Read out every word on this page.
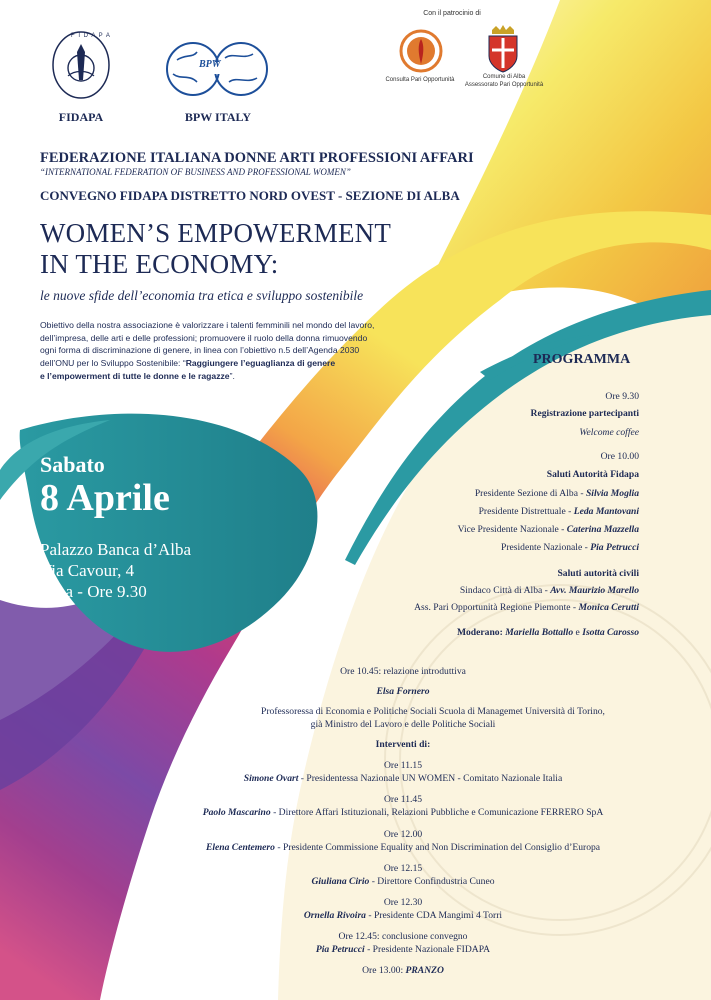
F I D A P A
FIDAPA
BPW
BPW ITALY
Con il patrocinio di
Consulta Pari Opportunità	Comune di Alba
Assessorato Pari Opportunità
FEDERAZIONE ITALIANA DONNE ARTI PROFESSIONI AFFARI
“INTERNATIONAL FEDERATION OF BUSINESS AND PROFESSIONAL WOMEN”
CONVEGNO FIDAPA DISTRETTO NORD OVEST - SEZIONE DI ALBA
WOMEN’S EMPOWERMENT
IN THE ECONOMY:
le nuove sfide dell’economia tra etica e sviluppo sostenibile
Obiettivo della nostra associazione è valorizzare i talenti femminili nel mondo del lavoro,
dell’impresa, delle arti e delle professioni; promuovere il ruolo della donna rimuovendo
ogni forma di discriminazione di genere, in linea con l’obiettivo n.5 dell’Agenda 2030
dell’ONU per lo Sviluppo Sostenibile: “Raggiungere l’eguaglianza di genere
e l’empowerment di tutte le donne e le ragazze”.
Sabato
8 Aprile
Palazzo Banca d’Alba
Via Cavour, 4
Alba - Ore 9.30
PROGRAMMA
Ore 9.30
Registrazione partecipanti
Welcome coffee
Ore 10.00
Saluti Autorità Fidapa
Presidente Sezione di Alba - Silvia Moglia
Presidente Distrettuale - Leda Mantovani
Vice Presidente Nazionale - Caterina Mazzella
Presidente Nazionale - Pia Petrucci
Saluti autorità civili
Sindaco Città di Alba - Avv. Maurizio Marello
Ass. Pari Opportunità Regione Piemonte - Monica Cerutti
Moderano: Mariella Bottallo e Isotta Carosso
Ore 10.45: relazione introduttiva
Elsa Fornero
Professoressa di Economia e Politiche Sociali Scuola di Managemet Università di Torino,
già Ministro del Lavoro e delle Politiche Sociali
Interventi di:
Ore 11.15
Simone Ovart - Presidentessa Nazionale UN WOMEN - Comitato Nazionale Italia
Ore 11.45
Paolo Mascarino - Direttore Affari Istituzionali, Relazioni Pubbliche e Comunicazione FERRERO SpA
Ore 12.00
Elena Centemero - Presidente Commissione Equality and Non Discrimination del Consiglio d’Europa
Ore 12.15
Giuliana Cirio - Direttore Confindustria Cuneo
Ore 12.30
Ornella Rivoira - Presidente CDA Mangimi 4 Torri
Ore 12.45: conclusione convegno
Pia Petrucci - Presidente Nazionale FIDAPA
Ore 13.00: PRANZO
